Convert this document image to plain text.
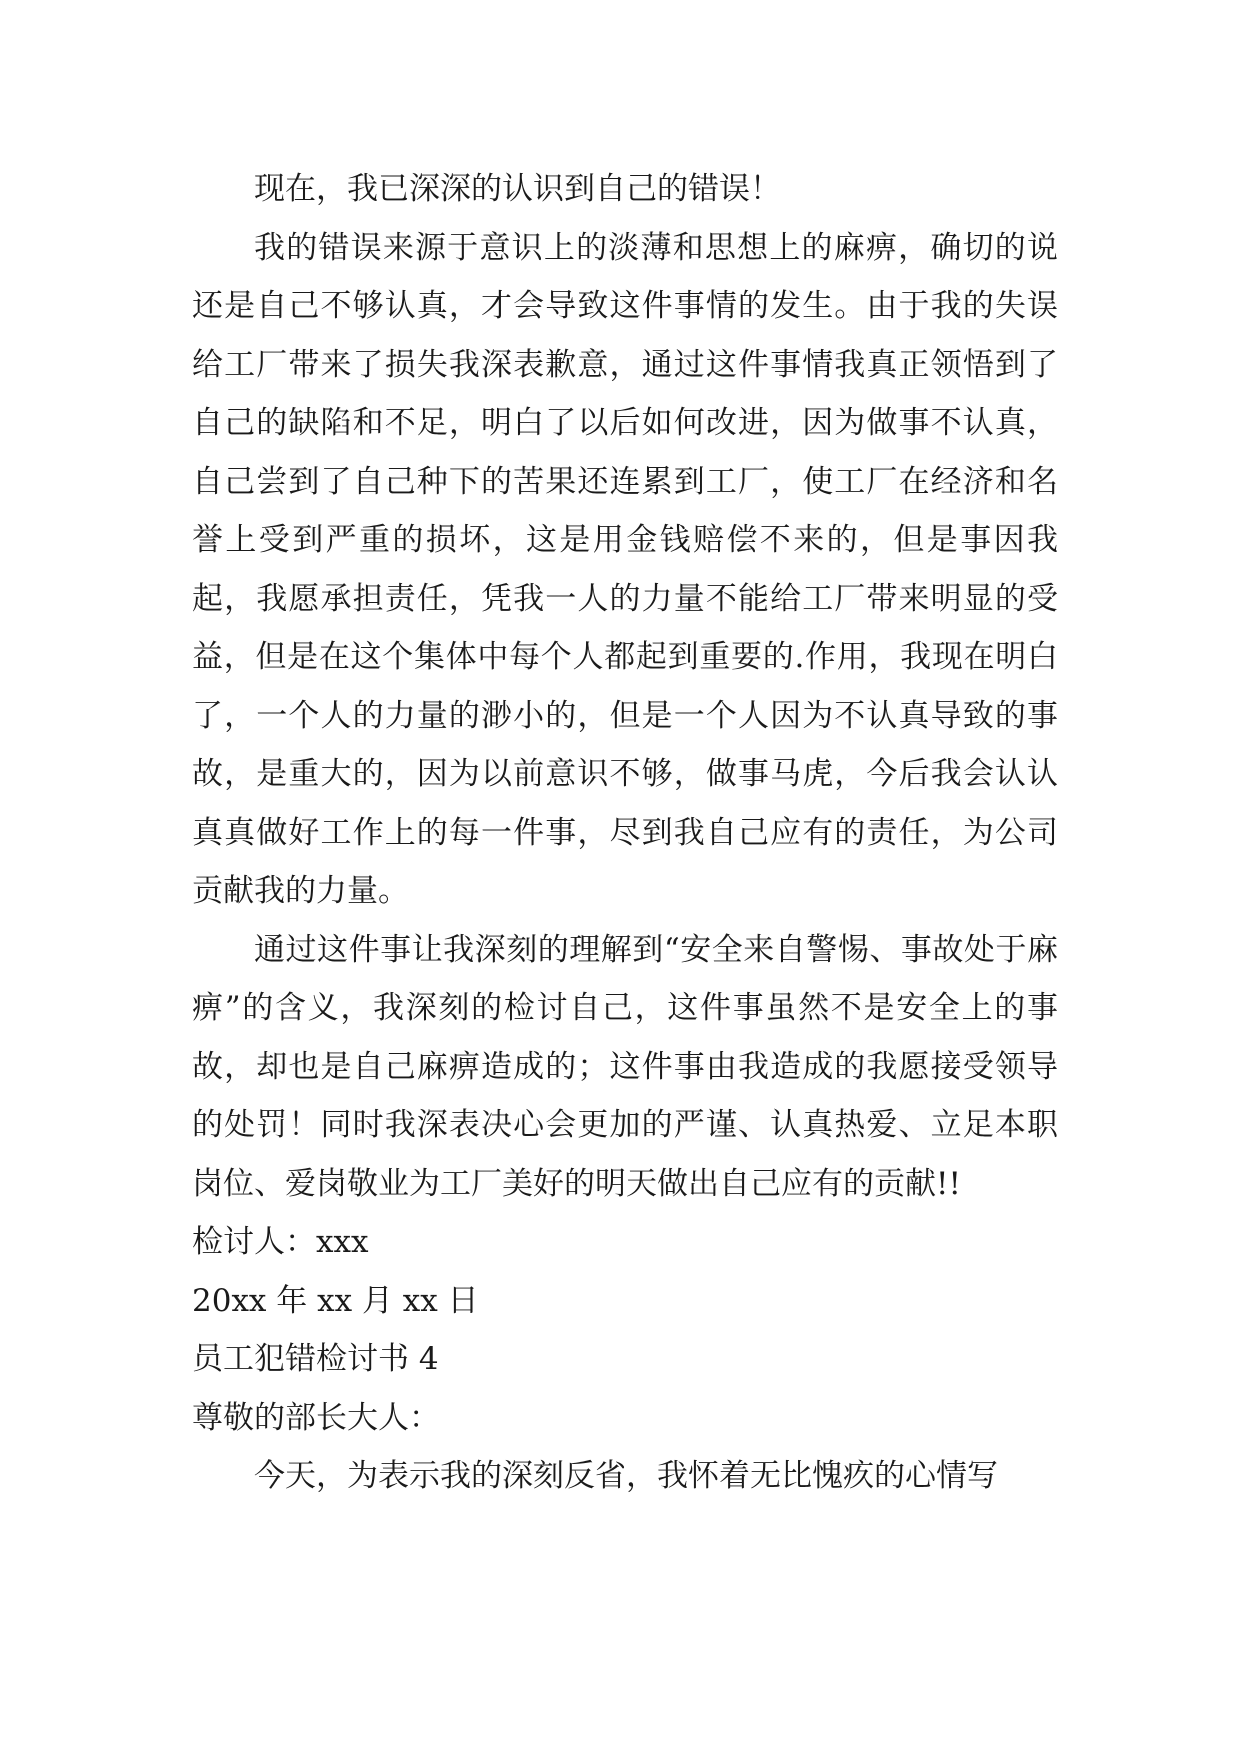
现在，我已深深的认识到自己的错误！

我的错误来源于意识上的淡薄和思想上的麻痹，确切的说还是自己不够认真，才会导致这件事情的发生。由于我的失误给工厂带来了损失我深表歉意，通过这件事情我真正领悟到了自己的缺陷和不足，明白了以后如何改进，因为做事不认真，自己尝到了自己种下的苦果还连累到工厂，使工厂在经济和名誉上受到严重的损坏，这是用金钱赔偿不来的，但是事因我起，我愿承担责任，凭我一人的力量不能给工厂带来明显的受益，但是在这个集体中每个人都起到重要的.作用，我现在明白了，一个人的力量的渺小的，但是一个人因为不认真导致的事故，是重大的，因为以前意识不够，做事马虎，今后我会认认真真做好工作上的每一件事，尽到我自己应有的责任，为公司贡献我的力量。

通过这件事让我深刻的理解到“安全来自警惕、事故处于麻痹”的含义，我深刻的检讨自己，这件事虽然不是安全上的事故，却也是自己麻痹造成的；这件事由我造成的我愿接受领导的处罚！同时我深表决心会更加的严谨、认真热爱、立足本职岗位、爱岗敬业为工厂美好的明天做出自己应有的贡献!!

检讨人：xxx

20xx 年 xx 月 xx 日

员工犯错检讨书 4

尊敬的部长大人：

今天，为表示我的深刻反省，我怀着无比愧疚的心情写
